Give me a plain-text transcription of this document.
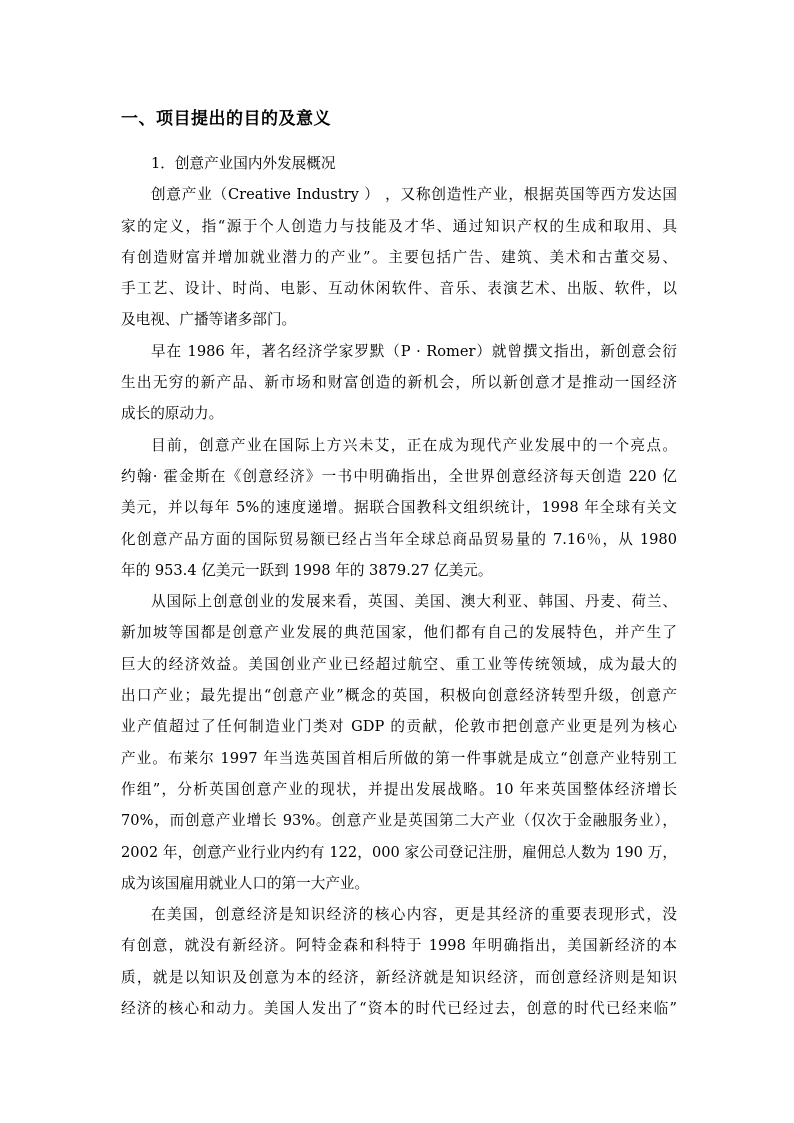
一、项目提出的目的及意义
1．创意产业国内外发展概况
创意产业（Creative Industry ） ，又称创造性产业，根据英国等西方发达国
家的定义，指“源于个人创造力与技能及才华、通过知识产权的生成和取用、具
有创造财富并增加就业潜力的产业”。主要包括广告、建筑、美术和古董交易、
手工艺、设计、时尚、电影、互动休闲软件、音乐、表演艺术、出版、软件，以
及电视、广播等诸多部门。
早在 1986 年，著名经济学家罗默（P · Romer）就曾撰文指出，新创意会衍
生出无穷的新产品、新市场和财富创造的新机会，所以新创意才是推动一国经济
成长的原动力。
目前，创意产业在国际上方兴未艾，正在成为现代产业发展中的一个亮点。
约翰· 霍金斯在《创意经济》一书中明确指出，全世界创意经济每天创造 220 亿
美元，并以每年 5%的速度递增。据联合国教科文组织统计，1998 年全球有关文
化创意产品方面的国际贸易额已经占当年全球总商品贸易量的 7.16％，从 1980
年的 953.4 亿美元一跃到 1998 年的 3879.27 亿美元。
从国际上创意创业的发展来看，英国、美国、澳大利亚、韩国、丹麦、荷兰、
新加坡等国都是创意产业发展的典范国家，他们都有自己的发展特色，并产生了
巨大的经济效益。美国创业产业已经超过航空、重工业等传统领域，成为最大的
出口产业；最先提出“创意产业”概念的英国，积极向创意经济转型升级，创意产
业产值超过了任何制造业门类对 GDP 的贡献，伦敦市把创意产业更是列为核心
产业。布莱尔 1997 年当选英国首相后所做的第一件事就是成立“创意产业特别工
作组”，分析英国创意产业的现状，并提出发展战略。10 年来英国整体经济增长
70%，而创意产业增长 93%。创意产业是英国第二大产业（仅次于金融服务业），
2002 年，创意产业行业内约有 122，000 家公司登记注册，雇佣总人数为 190 万，
成为该国雇用就业人口的第一大产业。
在美国，创意经济是知识经济的核心内容，更是其经济的重要表现形式，没
有创意，就没有新经济。阿特金森和科特于 1998 年明确指出，美国新经济的本
质，就是以知识及创意为本的经济，新经济就是知识经济，而创意经济则是知识
经济的核心和动力。美国人发出了“资本的时代已经过去，创意的时代已经来临”
